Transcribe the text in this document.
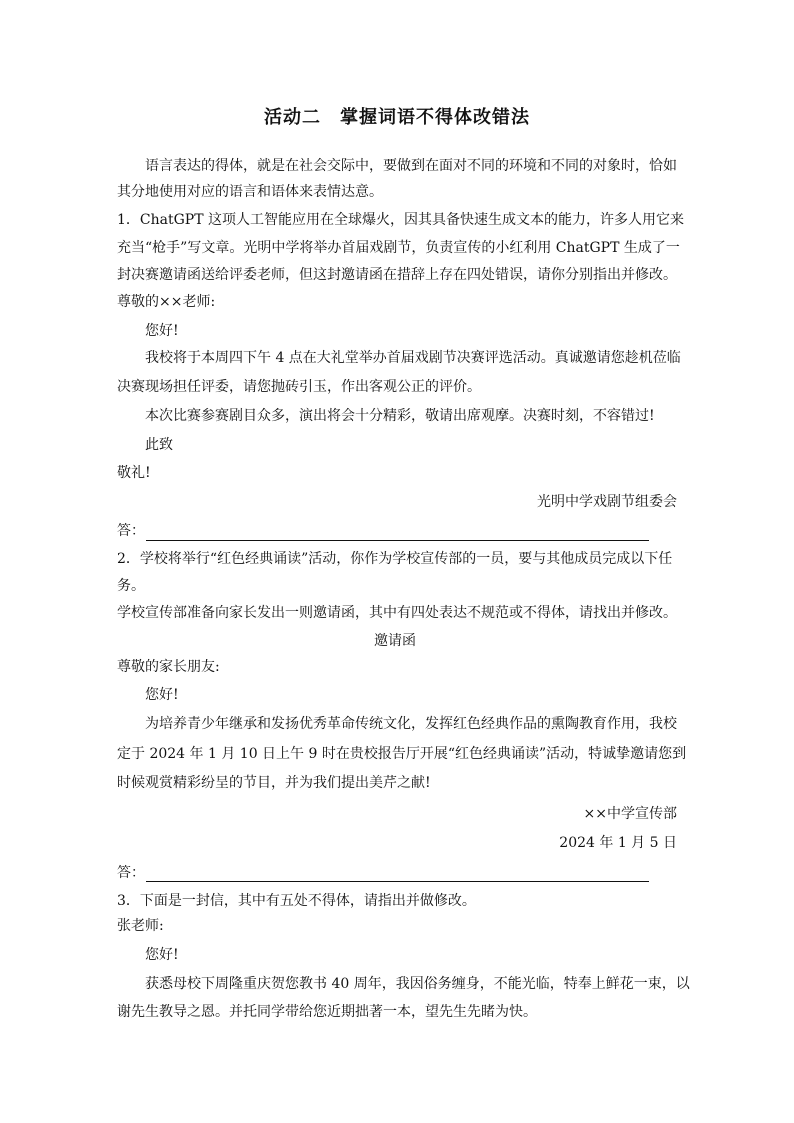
活动二　掌握词语不得体改错法
语言表达的得体，就是在社会交际中，要做到在面对不同的环境和不同的对象时，恰如
其分地使用对应的语言和语体来表情达意。
1．ChatGPT 这项人工智能应用在全球爆火，因其具备快速生成文本的能力，许多人用它来
充当“枪手”写文章。光明中学将举办首届戏剧节，负责宣传的小红利用 ChatGPT 生成了一
封决赛邀请函送给评委老师，但这封邀请函在措辞上存在四处错误，请你分别指出并修改。
尊敬的××老师:
您好!
我校将于本周四下午 4 点在大礼堂举办首届戏剧节决赛评选活动。真诚邀请您趁机莅临
决赛现场担任评委，请您抛砖引玉，作出客观公正的评价。
本次比赛参赛剧目众多，演出将会十分精彩，敬请出席观摩。决赛时刻，不容错过!
此致
敬礼!
光明中学戏剧节组委会
答：
2．学校将举行“红色经典诵读”活动，你作为学校宣传部的一员，要与其他成员完成以下任
务。
学校宣传部准备向家长发出一则邀请函，其中有四处表达不规范或不得体，请找出并修改。
邀请函
尊敬的家长朋友:
您好!
为培养青少年继承和发扬优秀革命传统文化，发挥红色经典作品的熏陶教育作用，我校
定于 2024 年 1 月 10 日上午 9 时在贵校报告厅开展“红色经典诵读”活动，特诚挚邀请您到
时候观赏精彩纷呈的节目，并为我们提出美芹之献!
××中学宣传部
2024 年 1 月 5 日
答：
3．下面是一封信，其中有五处不得体，请指出并做修改。
张老师:
您好!
获悉母校下周隆重庆贺您教书 40 周年，我因俗务缠身，不能光临，特奉上鲜花一束，以
谢先生教导之恩。并托同学带给您近期拙著一本，望先生先睹为快。
